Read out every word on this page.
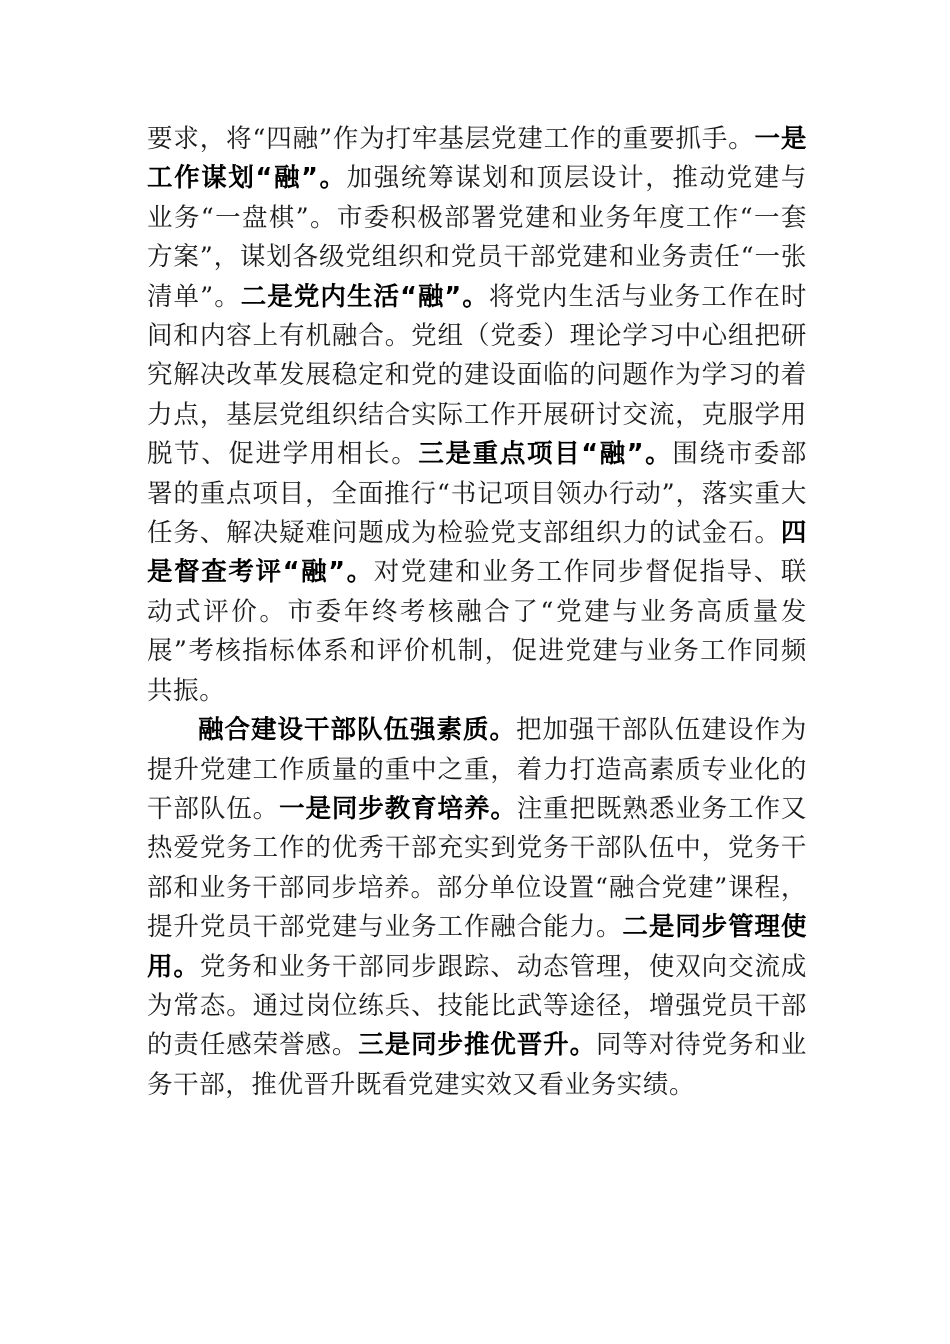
要求，将“四融”作为打牢基层党建工作的重要抓手。一是工作谋划“融”。加强统筹谋划和顶层设计，推动党建与业务“一盘棋”。市委积极部署党建和业务年度工作“一套方案”，谋划各级党组织和党员干部党建和业务责任“一张清单”。二是党内生活“融”。将党内生活与业务工作在时间和内容上有机融合。党组（党委）理论学习中心组把研究解决改革发展稳定和党的建设面临的问题作为学习的着力点，基层党组织结合实际工作开展研讨交流，克服学用脱节、促进学用相长。三是重点项目“融”。围绕市委部署的重点项目，全面推行“书记项目领办行动”，落实重大任务、解决疑难问题成为检验党支部组织力的试金石。四是督查考评“融”。对党建和业务工作同步督促指导、联动式评价。市委年终考核融合了“党建与业务高质量发展”考核指标体系和评价机制，促进党建与业务工作同频共振。

融合建设干部队伍强素质。把加强干部队伍建设作为提升党建工作质量的重中之重，着力打造高素质专业化的干部队伍。一是同步教育培养。注重把既熟悉业务工作又热爱党务工作的优秀干部充实到党务干部队伍中，党务干部和业务干部同步培养。部分单位设置“融合党建”课程，提升党员干部党建与业务工作融合能力。二是同步管理使用。党务和业务干部同步跟踪、动态管理，使双向交流成为常态。通过岗位练兵、技能比武等途径，增强党员干部的责任感荣誉感。三是同步推优晋升。同等对待党务和业务干部，推优晋升既看党建实效又看业务实绩。
